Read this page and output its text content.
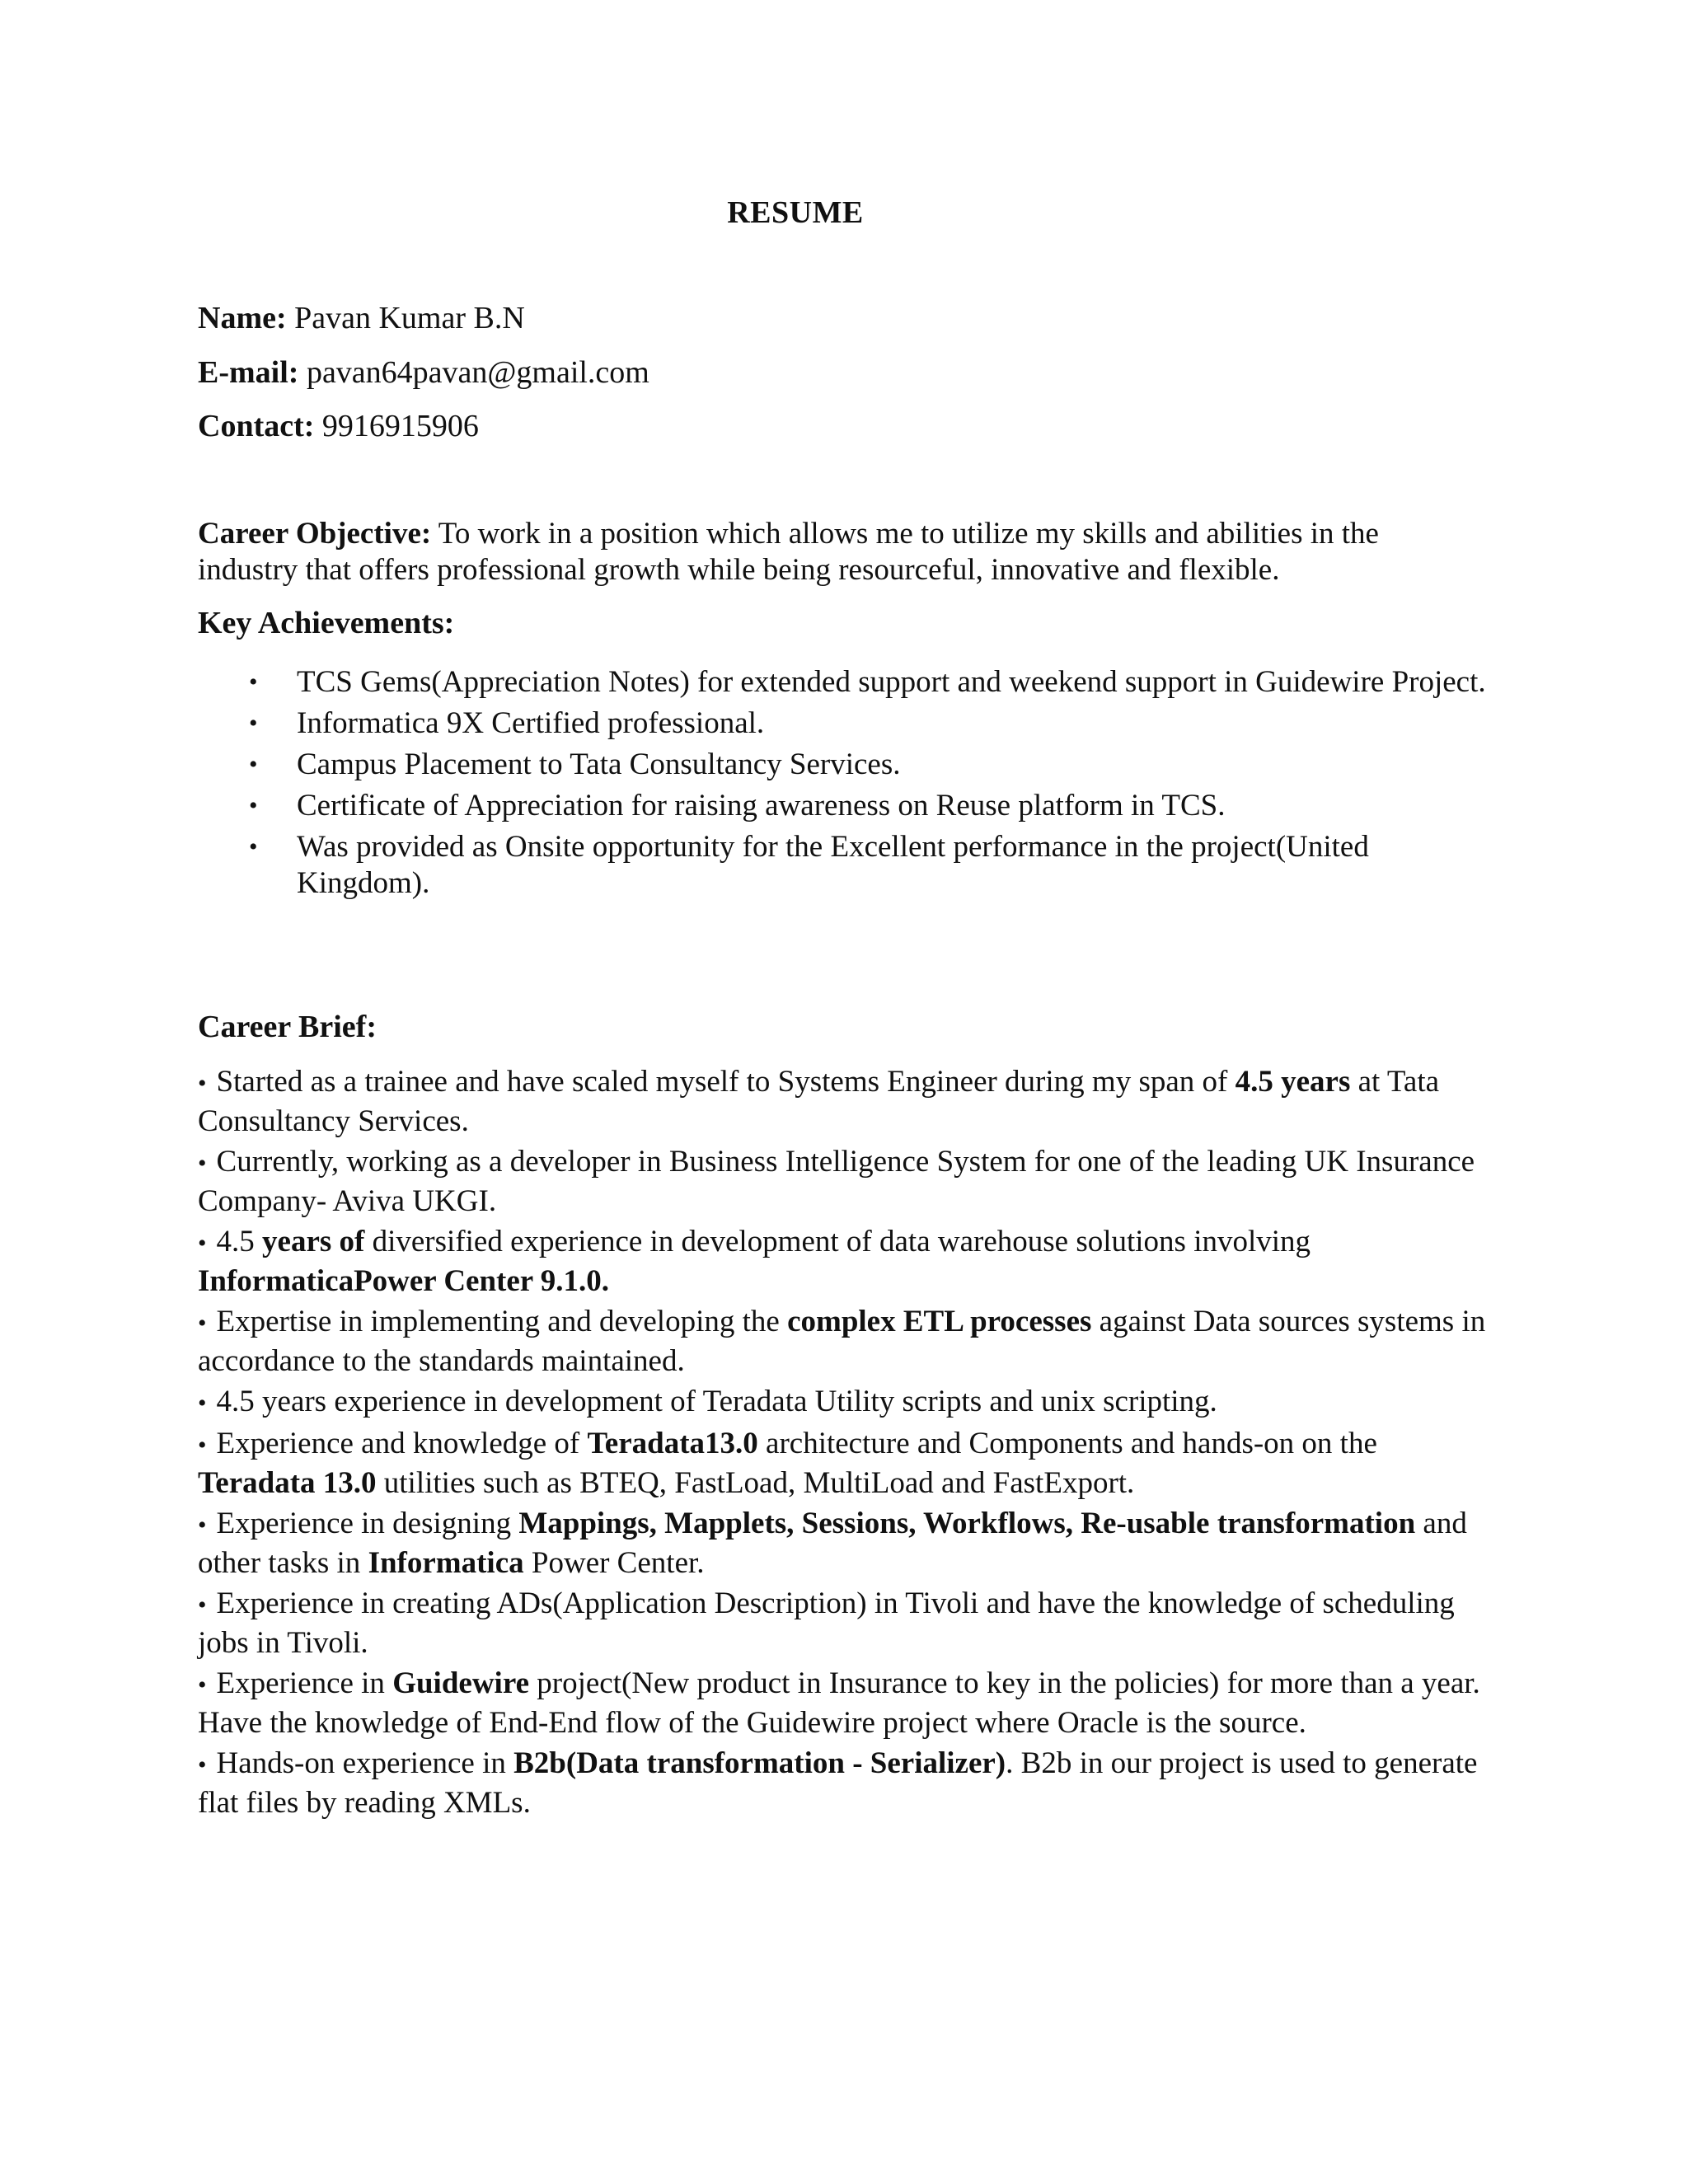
RESUME
Name: Pavan Kumar B.N
E-mail: pavan64pavan@gmail.com
Contact: 9916915906
Career Objective: To work in a position which allows me to utilize my skills and abilities in the industry that offers professional growth while being resourceful, innovative and flexible.
Key Achievements:
• TCS Gems(Appreciation Notes) for extended support and weekend support in Guidewire Project.
• Informatica 9X Certified professional.
• Campus Placement to Tata Consultancy Services.
• Certificate of Appreciation for raising awareness on Reuse platform in TCS.
• Was provided as Onsite opportunity for the Excellent performance in the project(United Kingdom).
Career Brief:
• Started as a trainee and have scaled myself to Systems Engineer during my span of 4.5 years at Tata Consultancy Services.
• Currently, working as a developer in Business Intelligence System for one of the leading UK Insurance Company- Aviva UKGI.
• 4.5 years of diversified experience in development of data warehouse solutions involving InformaticaPower Center 9.1.0.
• Expertise in implementing and developing the complex ETL processes against Data sources systems in accordance to the standards maintained.
• 4.5 years experience in development of Teradata Utility scripts and unix scripting.
• Experience and knowledge of Teradata13.0 architecture and Components and hands-on on the Teradata 13.0 utilities such as BTEQ, FastLoad, MultiLoad and FastExport.
• Experience in designing Mappings, Mapplets, Sessions, Workflows, Re-usable transformation and other tasks in Informatica Power Center.
• Experience in creating ADs(Application Description) in Tivoli and have the knowledge of scheduling jobs in Tivoli.
• Experience in Guidewire project(New product in Insurance to key in the policies) for more than a year. Have the knowledge of End-End flow of the Guidewire project where Oracle is the source.
• Hands-on experience in B2b(Data transformation - Serializer). B2b in our project is used to generate flat files by reading XMLs.
